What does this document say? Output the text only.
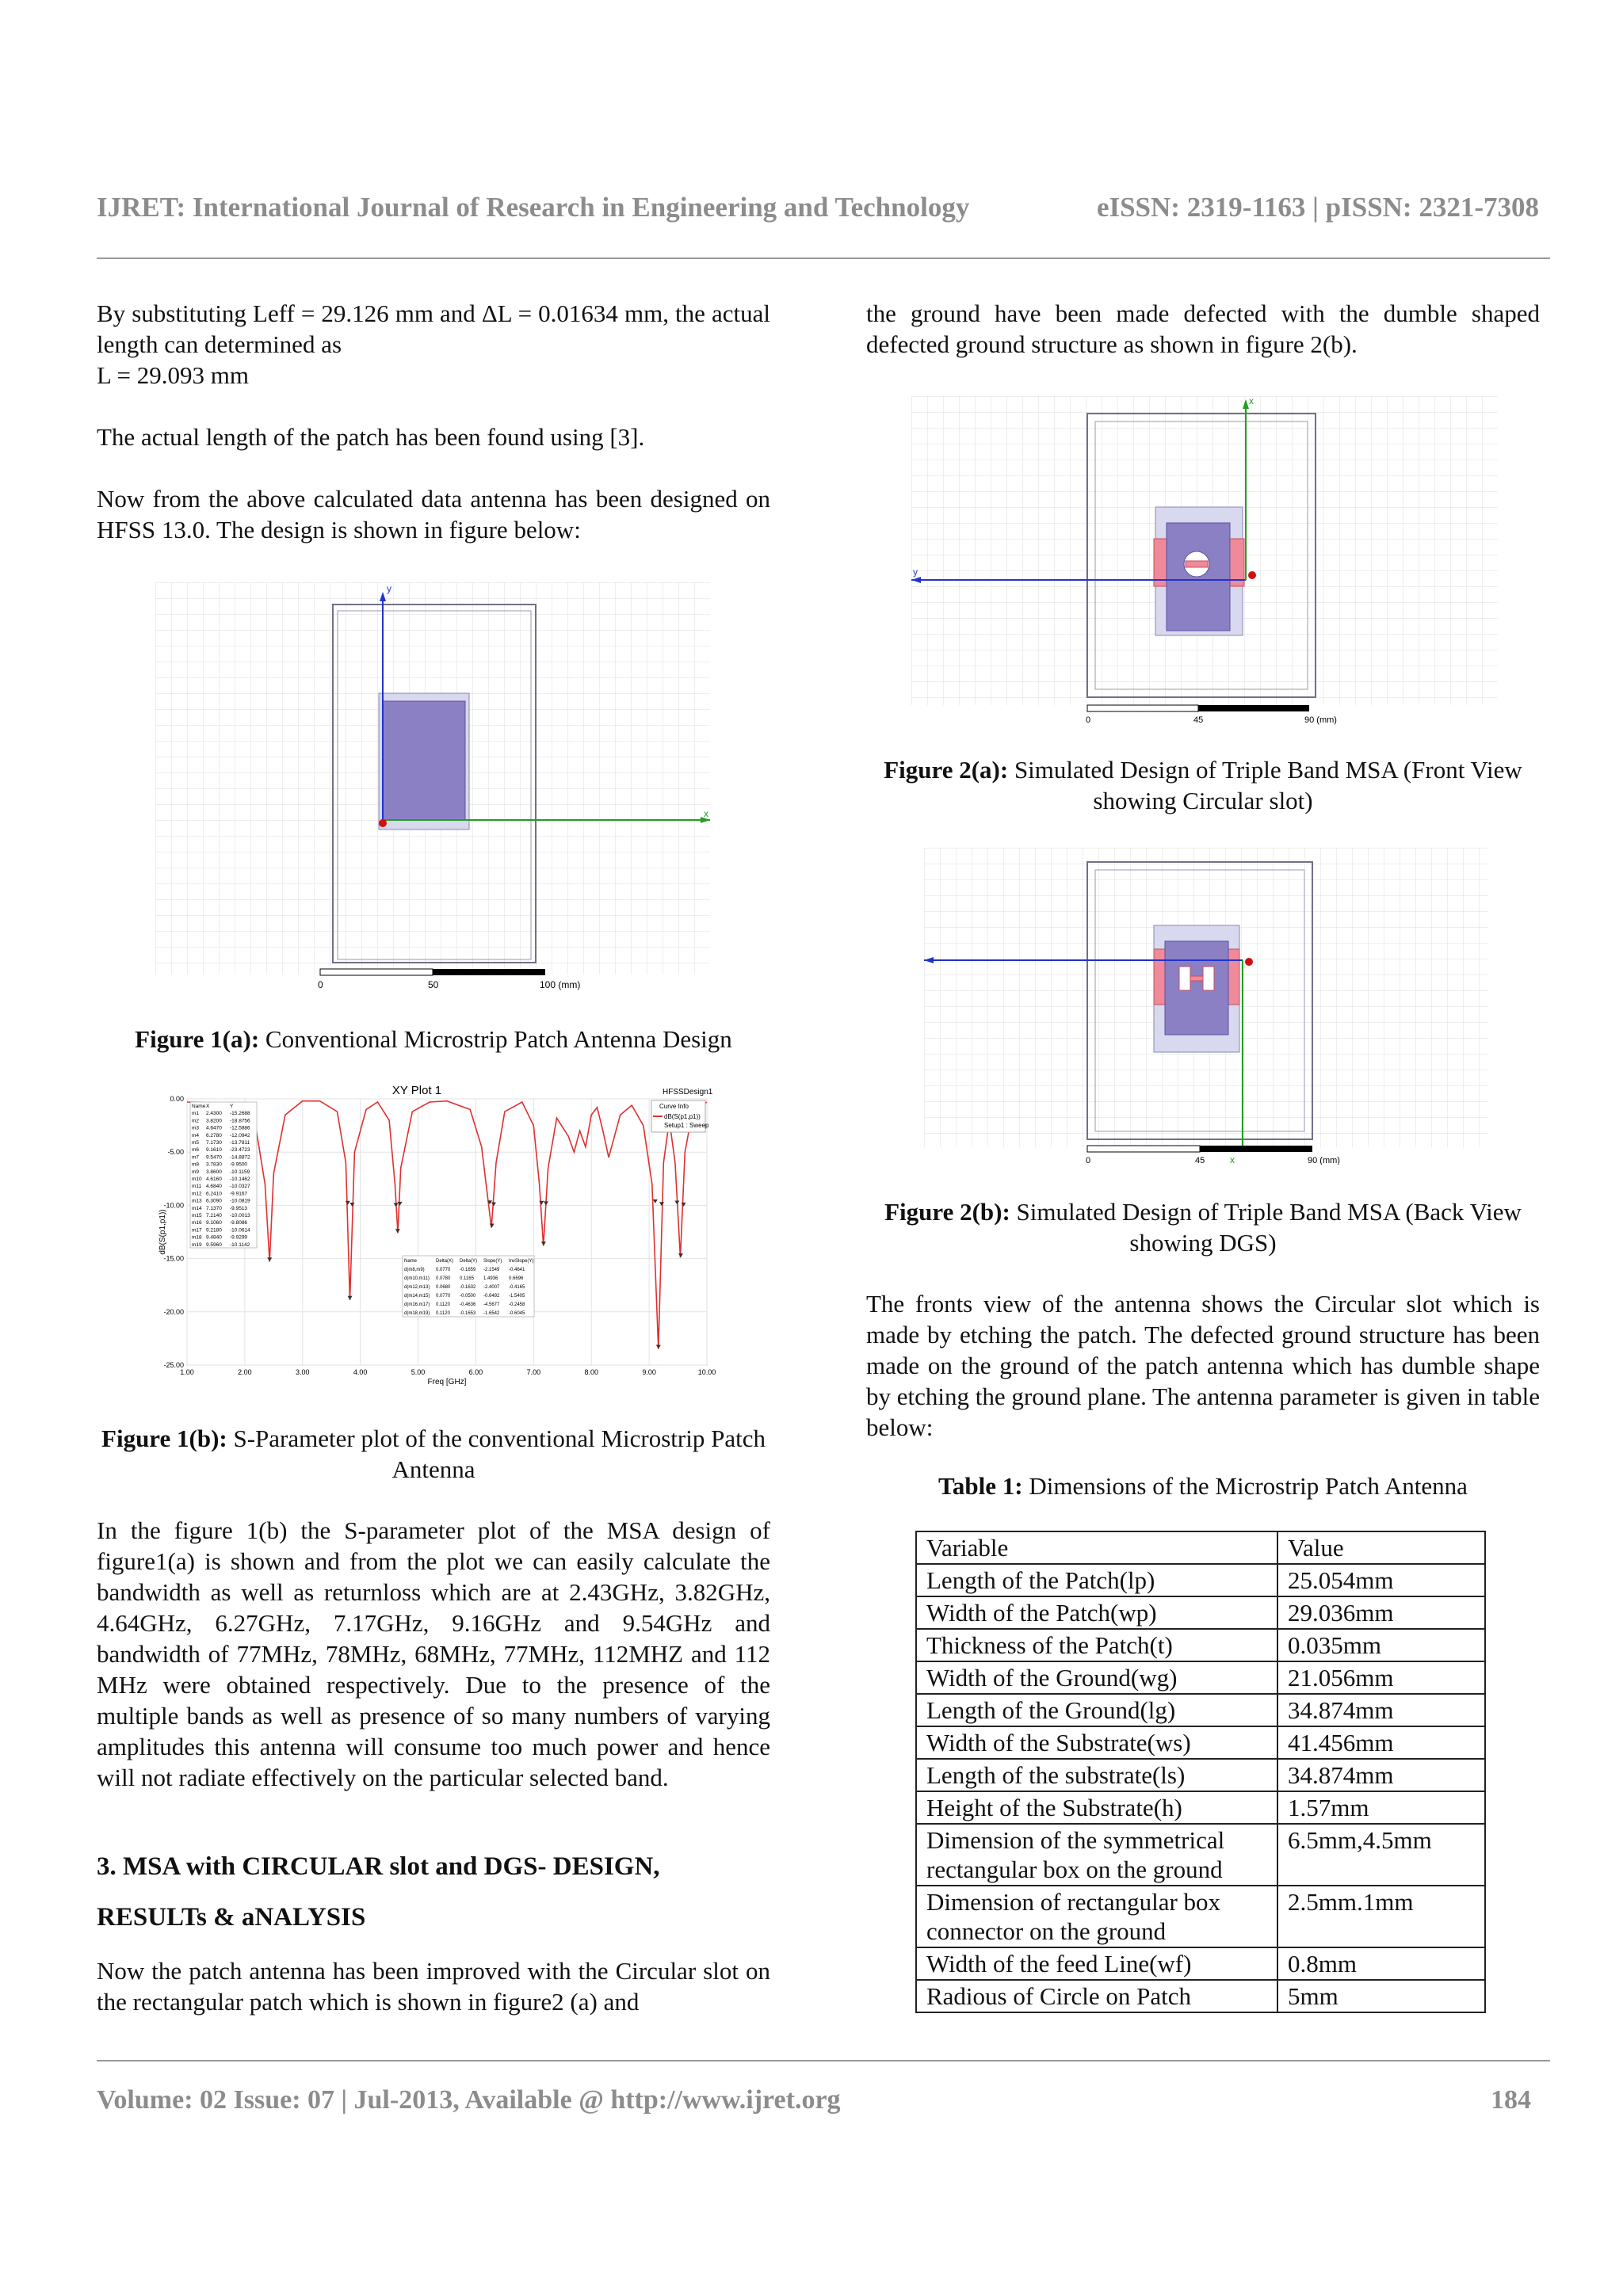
IJRET: International Journal of Research in Engineering and Technology	eISSN: 2319-1163 | pISSN: 2321-7308

By substituting Leff = 29.126 mm and ΔL = 0.01634 mm, the actual length can determined as
L = 29.093 mm

The actual length of the patch has been found using [3].

Now from the above calculated data antenna has been designed on HFSS 13.0. The design is shown in figure below:

y
x
0	50	100 (mm)

Figure 1(a): Conventional Microstrip Patch Antenna Design

XY Plot 1	HFSSDesign1
0.00
-5.00
-10.00
-15.00
-20.00
-25.00
1.00	2.00	3.00	4.00	5.00	6.00	7.00	8.00	9.00	10.00
Name X	Y
m1 2.4300 -15.2688
m2 3.8200 -18.8756
m3 4.6470 -12.5886
m4 6.2780 -12.0942
m5 7.1730 -13.7811
m6 9.1610 -23.4723
m7 9.5470 -14.8872
m8 3.7830 -9.9500
m9 3.8600 -10.1159
m10 4.6160 -10.1462
m11 4.6840 -10.0327
m12 6.2410 -9.9167
m13 6.3090 -10.0819
m14 7.1370 -9.9513
m15 7.2140 -10.0013
m16 9.1060 -9.8086
m17 9.2180 -10.0614
m18 9.4840 -9.9299
m19 9.5960 -10.1142
Name	Delta(X) Delta(Y) Slope(Y) InvSlope(Y)
d(m8,m9) 0.0770 -0.1659 -2.1549 -0.4641
d(m10,m11) 0.0780 0.1165 1.4936 0.6696
d(m12,m13) 0.0680 -0.1632 -2.4007 -0.4165
d(m14,m15) 0.0770 -0.0500 -0.6492 -1.5405
d(m16,m17) 0.1120 -0.4636 -4.5677 -0.2458
d(m18,m19) 0.1120 -0.1653 -1.6542 -0.6045
Curve Info
dB(S(p1,p1))
Setup1 : Sweep
dB(S(p1,p1))
Freq [GHz]

Figure 1(b): S-Parameter plot of the conventional Microstrip Patch Antenna

In the figure 1(b) the S-parameter plot of the MSA design of figure1(a) is shown and from the plot we can easily calculate the bandwidth as well as returnloss which are at 2.43GHz, 3.82GHz, 4.64GHz, 6.27GHz, 7.17GHz, 9.16GHz and 9.54GHz and bandwidth of 77MHz, 78MHz, 68MHz, 77MHz, 112MHZ and 112 MHz were obtained respectively. Due to the presence of the multiple bands as well as presence of so many numbers of varying amplitudes this antenna will consume too much power and hence will not radiate effectively on the particular selected band.

3. MSA with CIRCULAR slot and DGS- DESIGN,

RESULTs & aNALYSIS

Now the patch antenna has been improved with the Circular slot on the rectangular patch which is shown in figure2 (a) and

the ground have been made defected with the dumble shaped defected ground structure as shown in figure 2(b).

y
x
0	45	90 (mm)

Figure 2(a): Simulated Design of Triple Band MSA (Front View showing Circular slot)

x
0	45	90 (mm)

Figure 2(b): Simulated Design of Triple Band MSA (Back View showing DGS)

The fronts view of the antenna shows the Circular slot which is made by etching the patch. The defected ground structure has been made on the ground of the patch antenna which has dumble shape by etching the ground plane. The antenna parameter is given in table below:

Table 1: Dimensions of the Microstrip Patch Antenna

Variable	Value
Length of the Patch(lp)	25.054mm
Width of the Patch(wp)	29.036mm
Thickness of the Patch(t)	0.035mm
Width of the Ground(wg)	21.056mm
Length of the Ground(lg)	34.874mm
Width of the Substrate(ws)	41.456mm
Length of the substrate(ls)	34.874mm
Height of the Substrate(h)	1.57mm
Dimension of the symmetrical rectangular box on the ground	6.5mm,4.5mm
Dimension of rectangular box connector on the ground	2.5mm.1mm
Width of the feed Line(wf)	0.8mm
Radious of Circle on Patch	5mm
Volume: 02 Issue: 07 | Jul-2013, Available @ http://www.ijret.org	184
